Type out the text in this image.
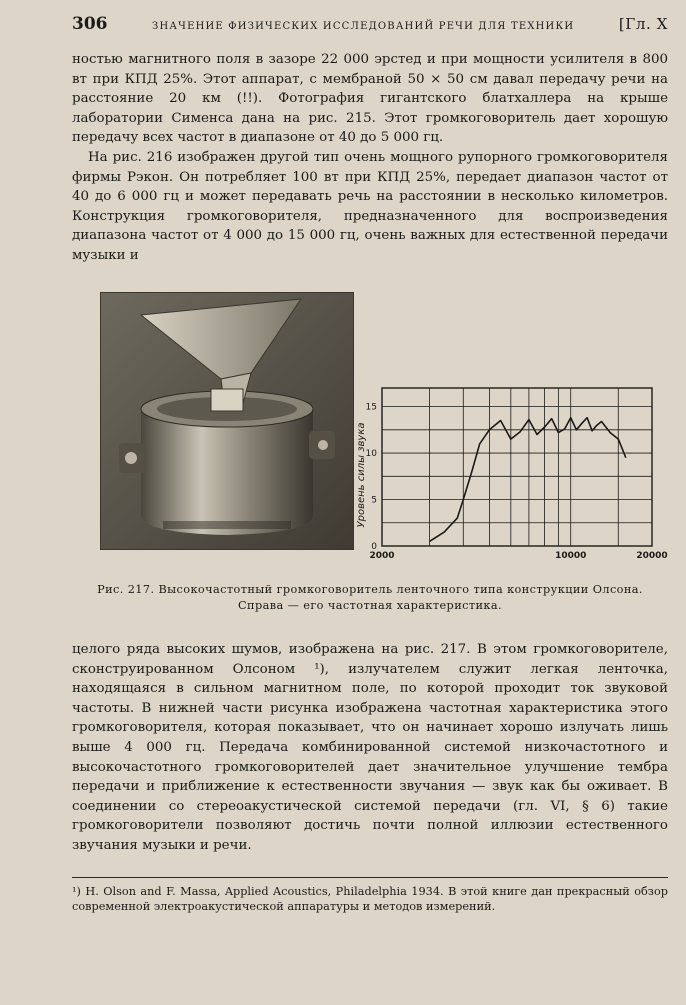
306	ЗНАЧЕНИЕ ФИЗИЧЕСКИХ ИССЛЕДОВАНИЙ РЕЧИ ДЛЯ ТЕХНИКИ	[Гл. X

ностью магнитного поля в зазоре 22 000 эрстед и при мощности усилителя в 800 вт при КПД 25%. Этот аппарат, с мембраной 50 × 50 см давал передачу речи на расстояние 20 км (!!). Фотография гигантского блатхаллера на крыше лаборатории Сименса дана на рис. 215. Этот громкоговоритель дает хорошую передачу всех частот в диапазоне от 40 до 5 000 гц.

На рис. 216 изображен другой тип очень мощного рупорного громкоговорителя фирмы Рэкон. Он потребляет 100 вт при КПД 25%, передает диапазон частот от 40 до 6 000 гц и может передавать речь на расстоянии в несколько километров. Конструкция громкоговорителя, предназначенного для воспроизведения диапазона частот от 4 000 до 15 000 гц, очень важных для естественной передачи музыки и

Уровень силы звука
0
5
10
15
2000	10000	20000
Рис. 217. Высокочастотный громкоговоритель ленточного типа конструкции Олсона.
Справа — его частотная характеристика.

целого ряда высоких шумов, изображена на рис. 217. В этом громкоговорителе, сконструированном Олсоном ¹), излучателем служит легкая ленточка, находящаяся в сильном магнитном поле, по которой проходит ток звуковой частоты. В нижней части рисунка изображена частотная характеристика этого громкоговорителя, которая показывает, что он начинает хорошо излучать лишь выше 4 000 гц. Передача комбинированной системой низкочастотного и высокочастотного громкоговорителей дает значительное улучшение тембра передачи и приближение к естественности звучания — звук как бы оживает. В соединении со стереоакустической системой передачи (гл. VI, § 6) такие громкоговорители позволяют достичь почти полной иллюзии естественного звучания музыки и речи.

¹) H. Olson and F. Massa, Applied Acoustics, Philadelphia 1934. В этой книге дан прекрасный обзор современной электроакустической аппаратуры и методов измерений.
